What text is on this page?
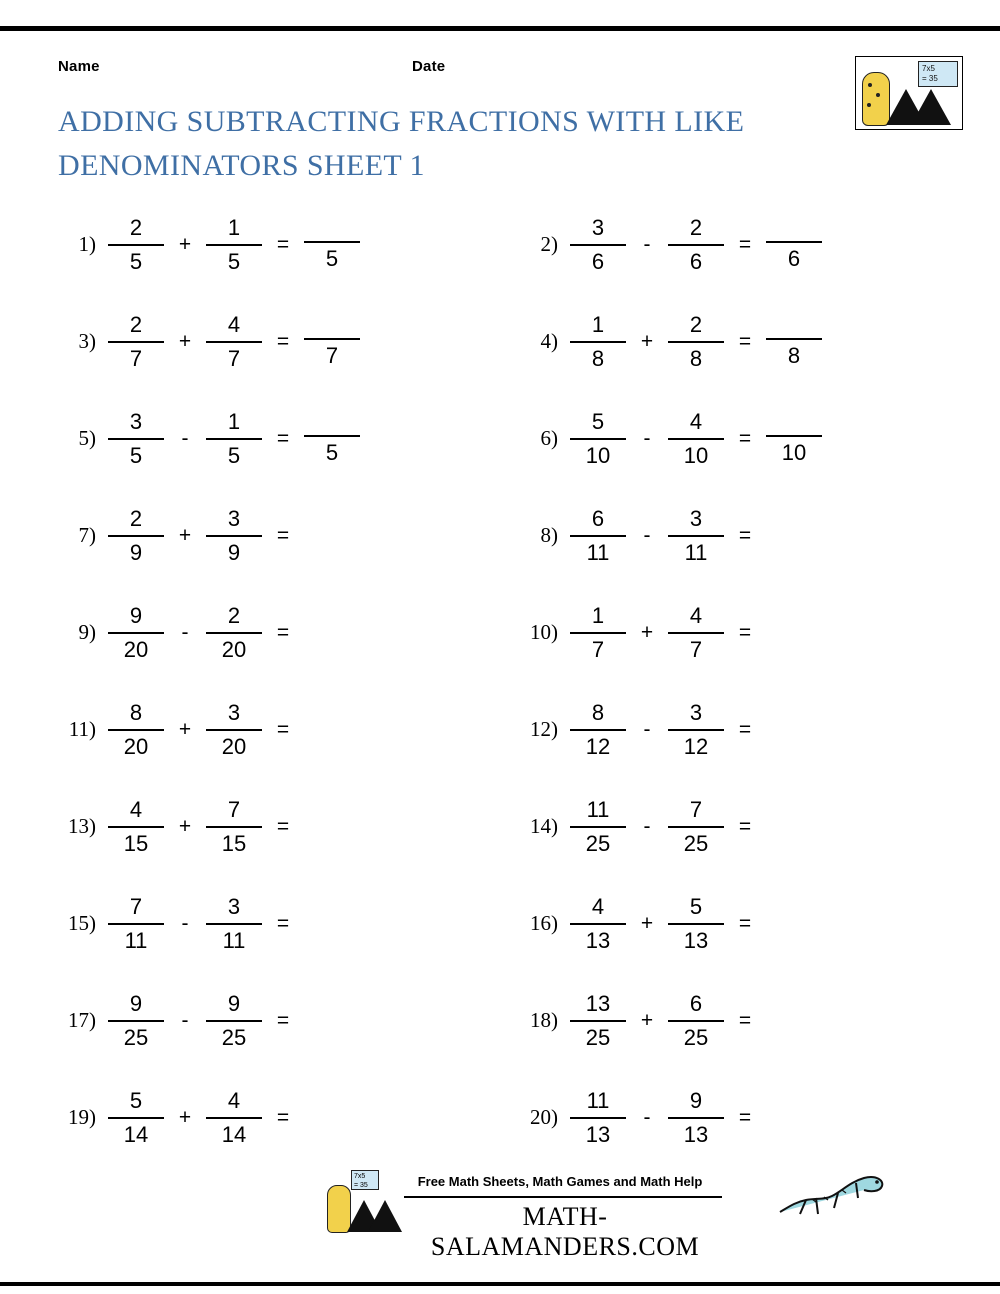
Name	Date
ADDING SUBTRACTING FRACTIONS WITH LIKE DENOMINATORS SHEET 1
7x5
= 35
$1) \frac{2}{5} + \frac{1}{5}$ =
5
$2) \frac{3}{6} - \frac{2}{6}$ =
6
$3) \frac{2}{7} + \frac{4}{7}$ =
7
$4) \frac{1}{8} + \frac{2}{8}$ =
8
$5) \frac{3}{5} - \frac{1}{5}$ =
5
$6) \frac{5}{10} - \frac{4}{10}$ =
10
$7) \frac{2}{9} + \frac{3}{9}$ =	$8) \frac{6}{11} - \frac{3}{11}$ =
$9) \frac{9}{20} - \frac{2}{20}$ =	$10) \frac{1}{7} + \frac{4}{7}$ =
$11) \frac{8}{20} + \frac{3}{20}$ =	$12) \frac{8}{12} - \frac{3}{12}$ =
$13) \frac{4}{15} + \frac{7}{15}$ =	$14) \frac{11}{25} - \frac{7}{25}$ =
$15) \frac{7}{11} - \frac{3}{11}$ =	$16) \frac{4}{13} + \frac{5}{13}$ =
$17) \frac{9}{25} - \frac{9}{25}$ =	$18) \frac{13}{25} + \frac{6}{25}$ =
$19) \frac{5}{14} + \frac{4}{14}$ =	$20) \frac{11}{13} - \frac{9}{13}$ =
7x5
= 35	Free Math Sheets, Math Games and Math Help
MATH-SALAMANDERS.COM
